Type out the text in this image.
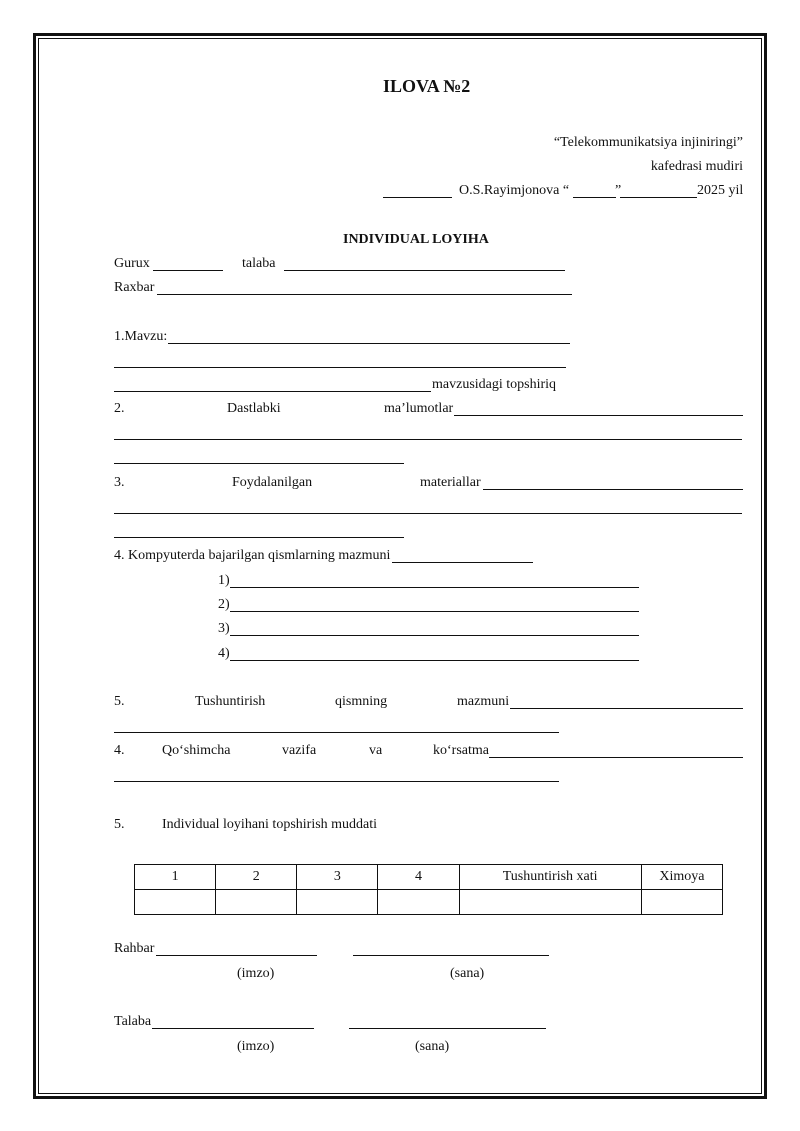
ILOVA №2
“Telekommunikatsiya injiniringi”
kafedrasi mudiri
O.S.Rayimjonova “	”	2025 yil
INDIVIDUAL LOYIHA
Gurux	talaba
Raxbar
1.Mavzu:
mavzusidagi topshiriq
2.	Dastlabki	ma’lumotlar
3.	Foydalanilgan	materiallar
4. Kompyuterda bajarilgan qismlarning mazmuni
1)
2)
3)
4)
5.	Tushuntirish	qismning	mazmuni
4.	Qo‘shimcha	vazifa	va	ko‘rsatma
5.	Individual loyihani topshirish muddati
1	2	3	4	Tushuntirish xati	Ximoya

Rahbar
(imzo)	(sana)
Talaba
(imzo)	(sana)
